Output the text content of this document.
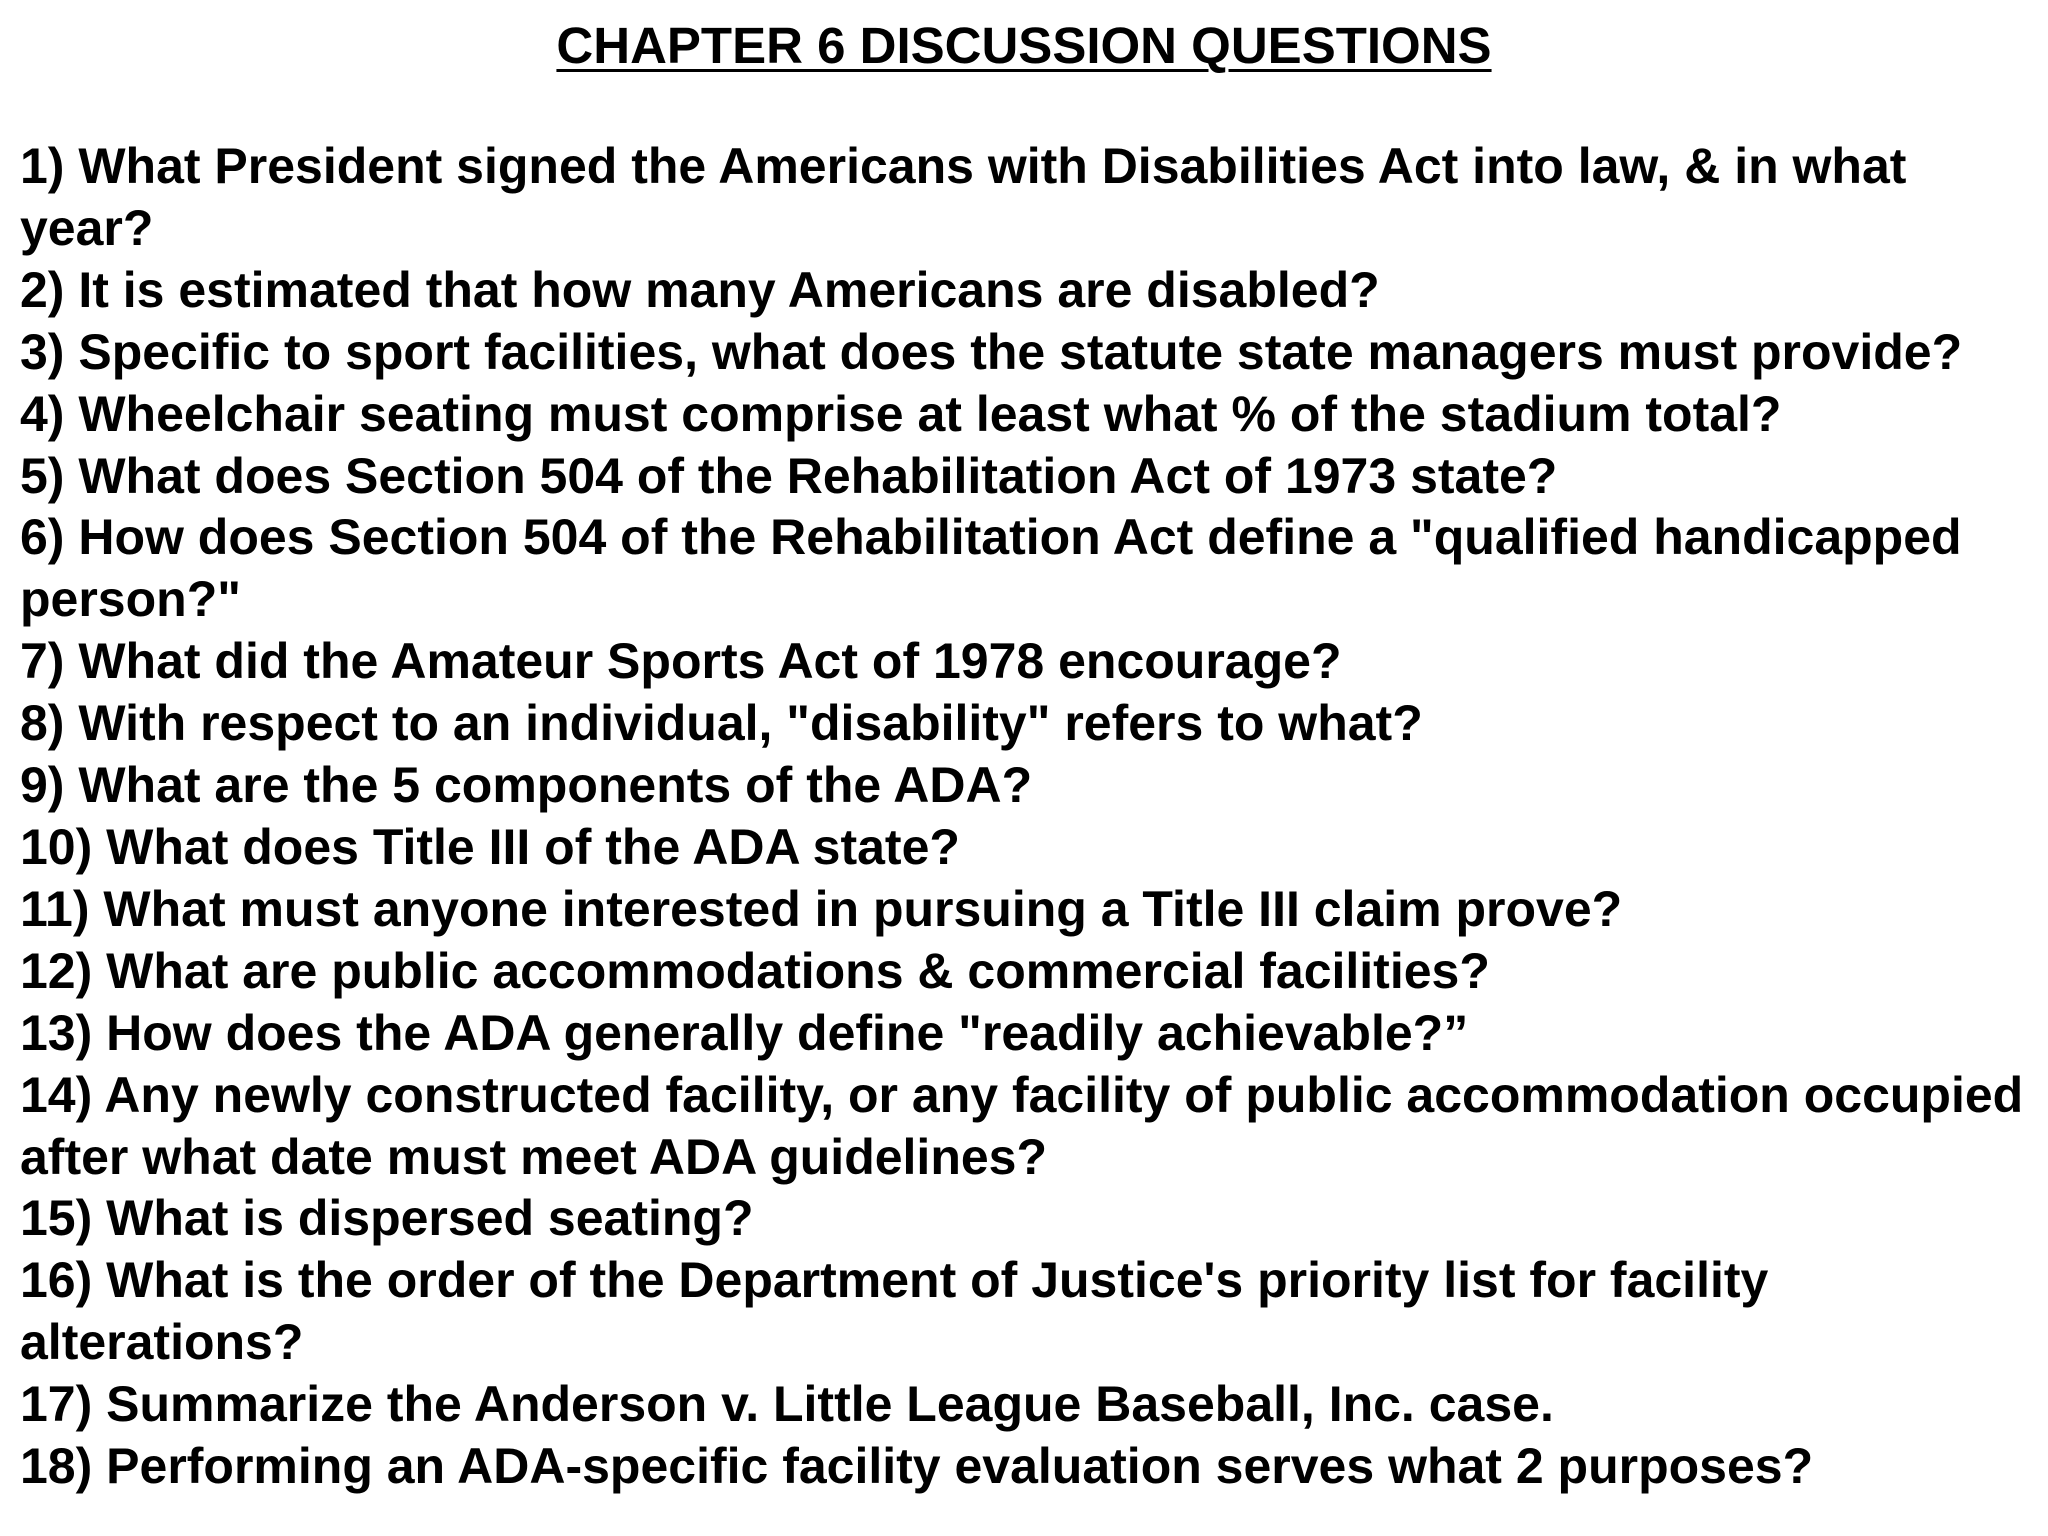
CHAPTER 6 DISCUSSION QUESTIONS
1) What President signed the Americans with Disabilities Act into law, & in what year?
2) It is estimated that how many Americans are disabled?
3) Specific to sport facilities, what does the statute state managers must provide?
4) Wheelchair seating must comprise at least what % of the stadium total?
5) What does Section 504 of the Rehabilitation Act of 1973 state?
6) How does Section 504 of the Rehabilitation Act define a "qualified handicapped person?"
7) What did the Amateur Sports Act of 1978 encourage?
8) With respect to an individual, "disability" refers to what?
9) What are the 5 components of the ADA?
10) What does Title III of the ADA state?
11) What must anyone interested in pursuing a Title III claim prove?
12) What are public accommodations & commercial facilities?
13) How does the ADA generally define "readily achievable?”
14) Any newly constructed facility, or any facility of public accommodation occupied after what date must meet ADA guidelines?
15) What is dispersed seating?
16) What is the order of the Department of Justice's priority list for facility alterations?
17) Summarize the Anderson v. Little League Baseball, Inc. case.
18) Performing an ADA-specific facility evaluation serves what 2 purposes?
